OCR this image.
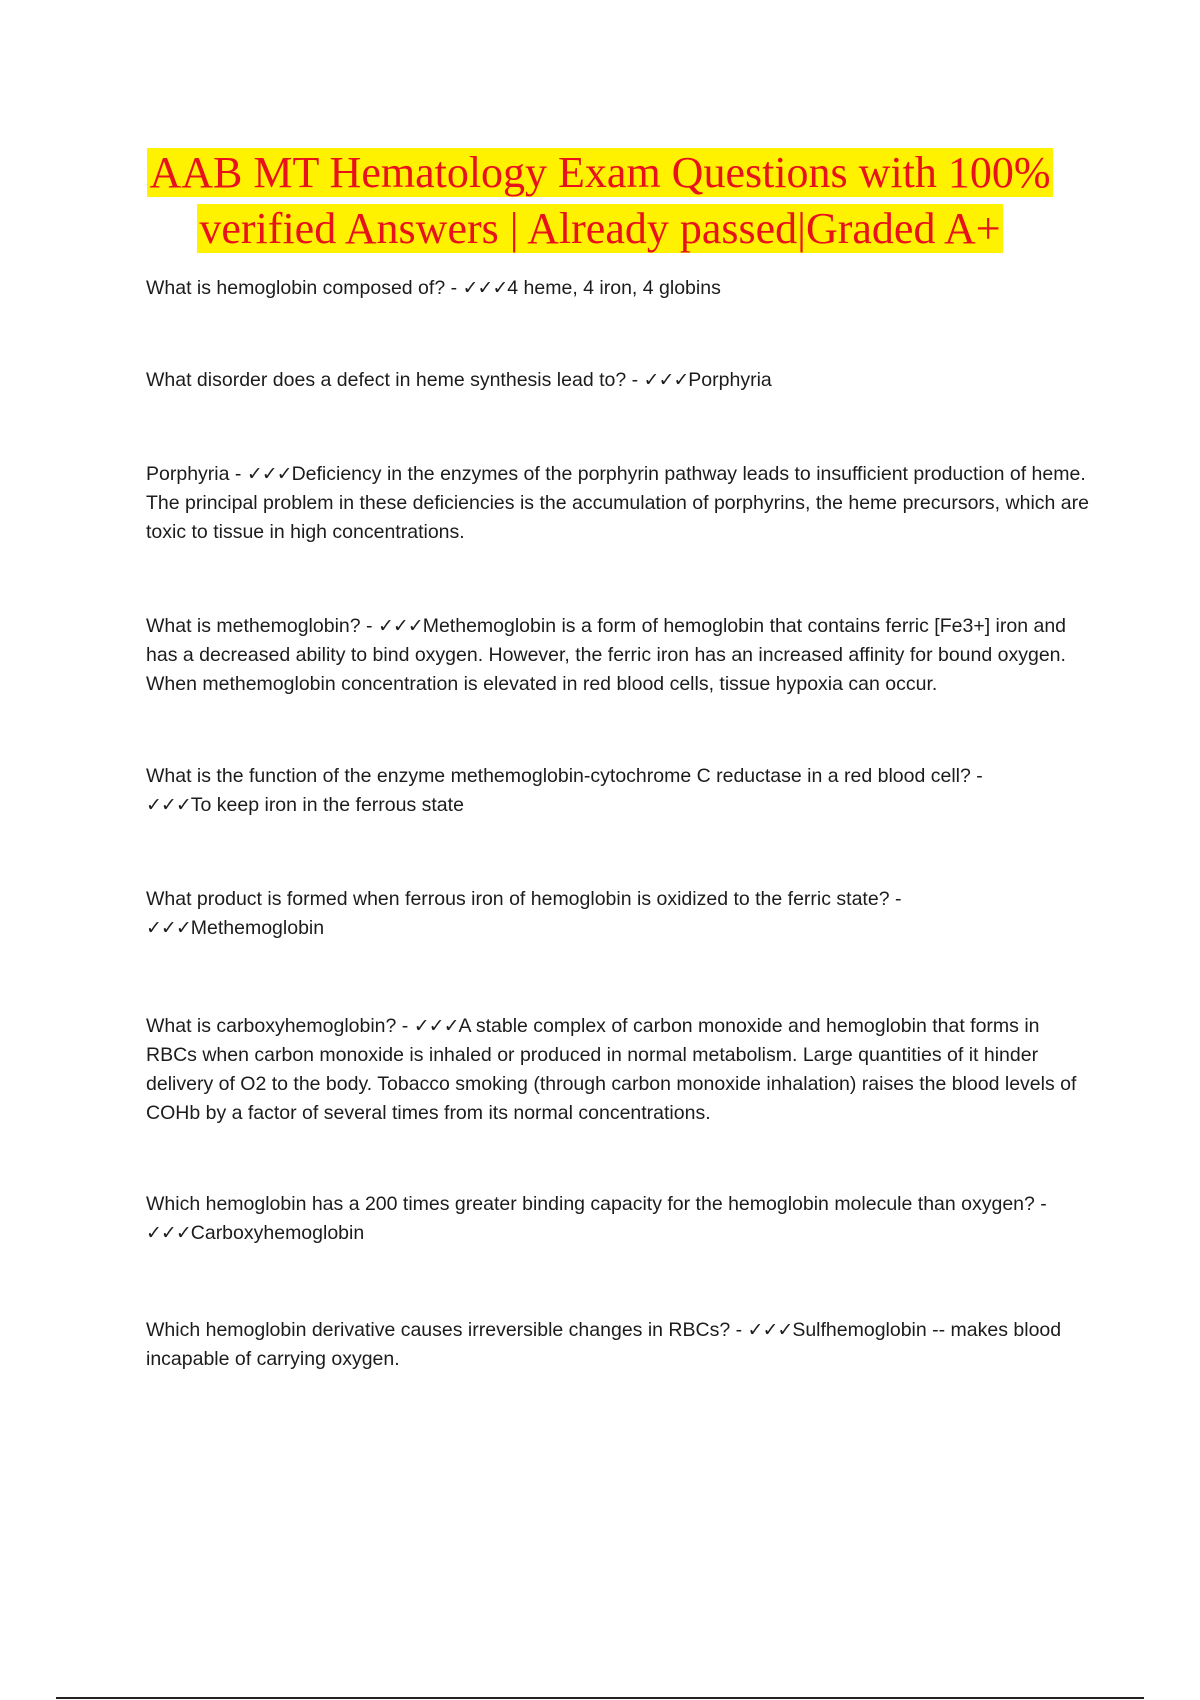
AAB MT Hematology Exam Questions with 100%
verified Answers | Already passed|Graded A+

What is hemoglobin composed of? - ✓✓✓4 heme, 4 iron, 4 globins

What disorder does a defect in heme synthesis lead to? - ✓✓✓Porphyria

Porphyria - ✓✓✓Deficiency in the enzymes of the porphyrin pathway leads to insufficient production of heme. The principal problem in these deficiencies is the accumulation of porphyrins, the heme precursors, which are toxic to tissue in high concentrations.

What is methemoglobin? - ✓✓✓Methemoglobin is a form of hemoglobin that contains ferric [Fe3+] iron and has a decreased ability to bind oxygen. However, the ferric iron has an increased affinity for bound oxygen. When methemoglobin concentration is elevated in red blood cells, tissue hypoxia can occur.

What is the function of the enzyme methemoglobin-cytochrome C reductase in a red blood cell? -
✓✓✓To keep iron in the ferrous state

What product is formed when ferrous iron of hemoglobin is oxidized to the ferric state? -
✓✓✓Methemoglobin

What is carboxyhemoglobin? - ✓✓✓A stable complex of carbon monoxide and hemoglobin that forms in RBCs when carbon monoxide is inhaled or produced in normal metabolism. Large quantities of it hinder delivery of O2 to the body. Tobacco smoking (through carbon monoxide inhalation) raises the blood levels of COHb by a factor of several times from its normal concentrations.

Which hemoglobin has a 200 times greater binding capacity for the hemoglobin molecule than oxygen? -
✓✓✓Carboxyhemoglobin

Which hemoglobin derivative causes irreversible changes in RBCs? - ✓✓✓Sulfhemoglobin -- makes blood incapable of carrying oxygen.
